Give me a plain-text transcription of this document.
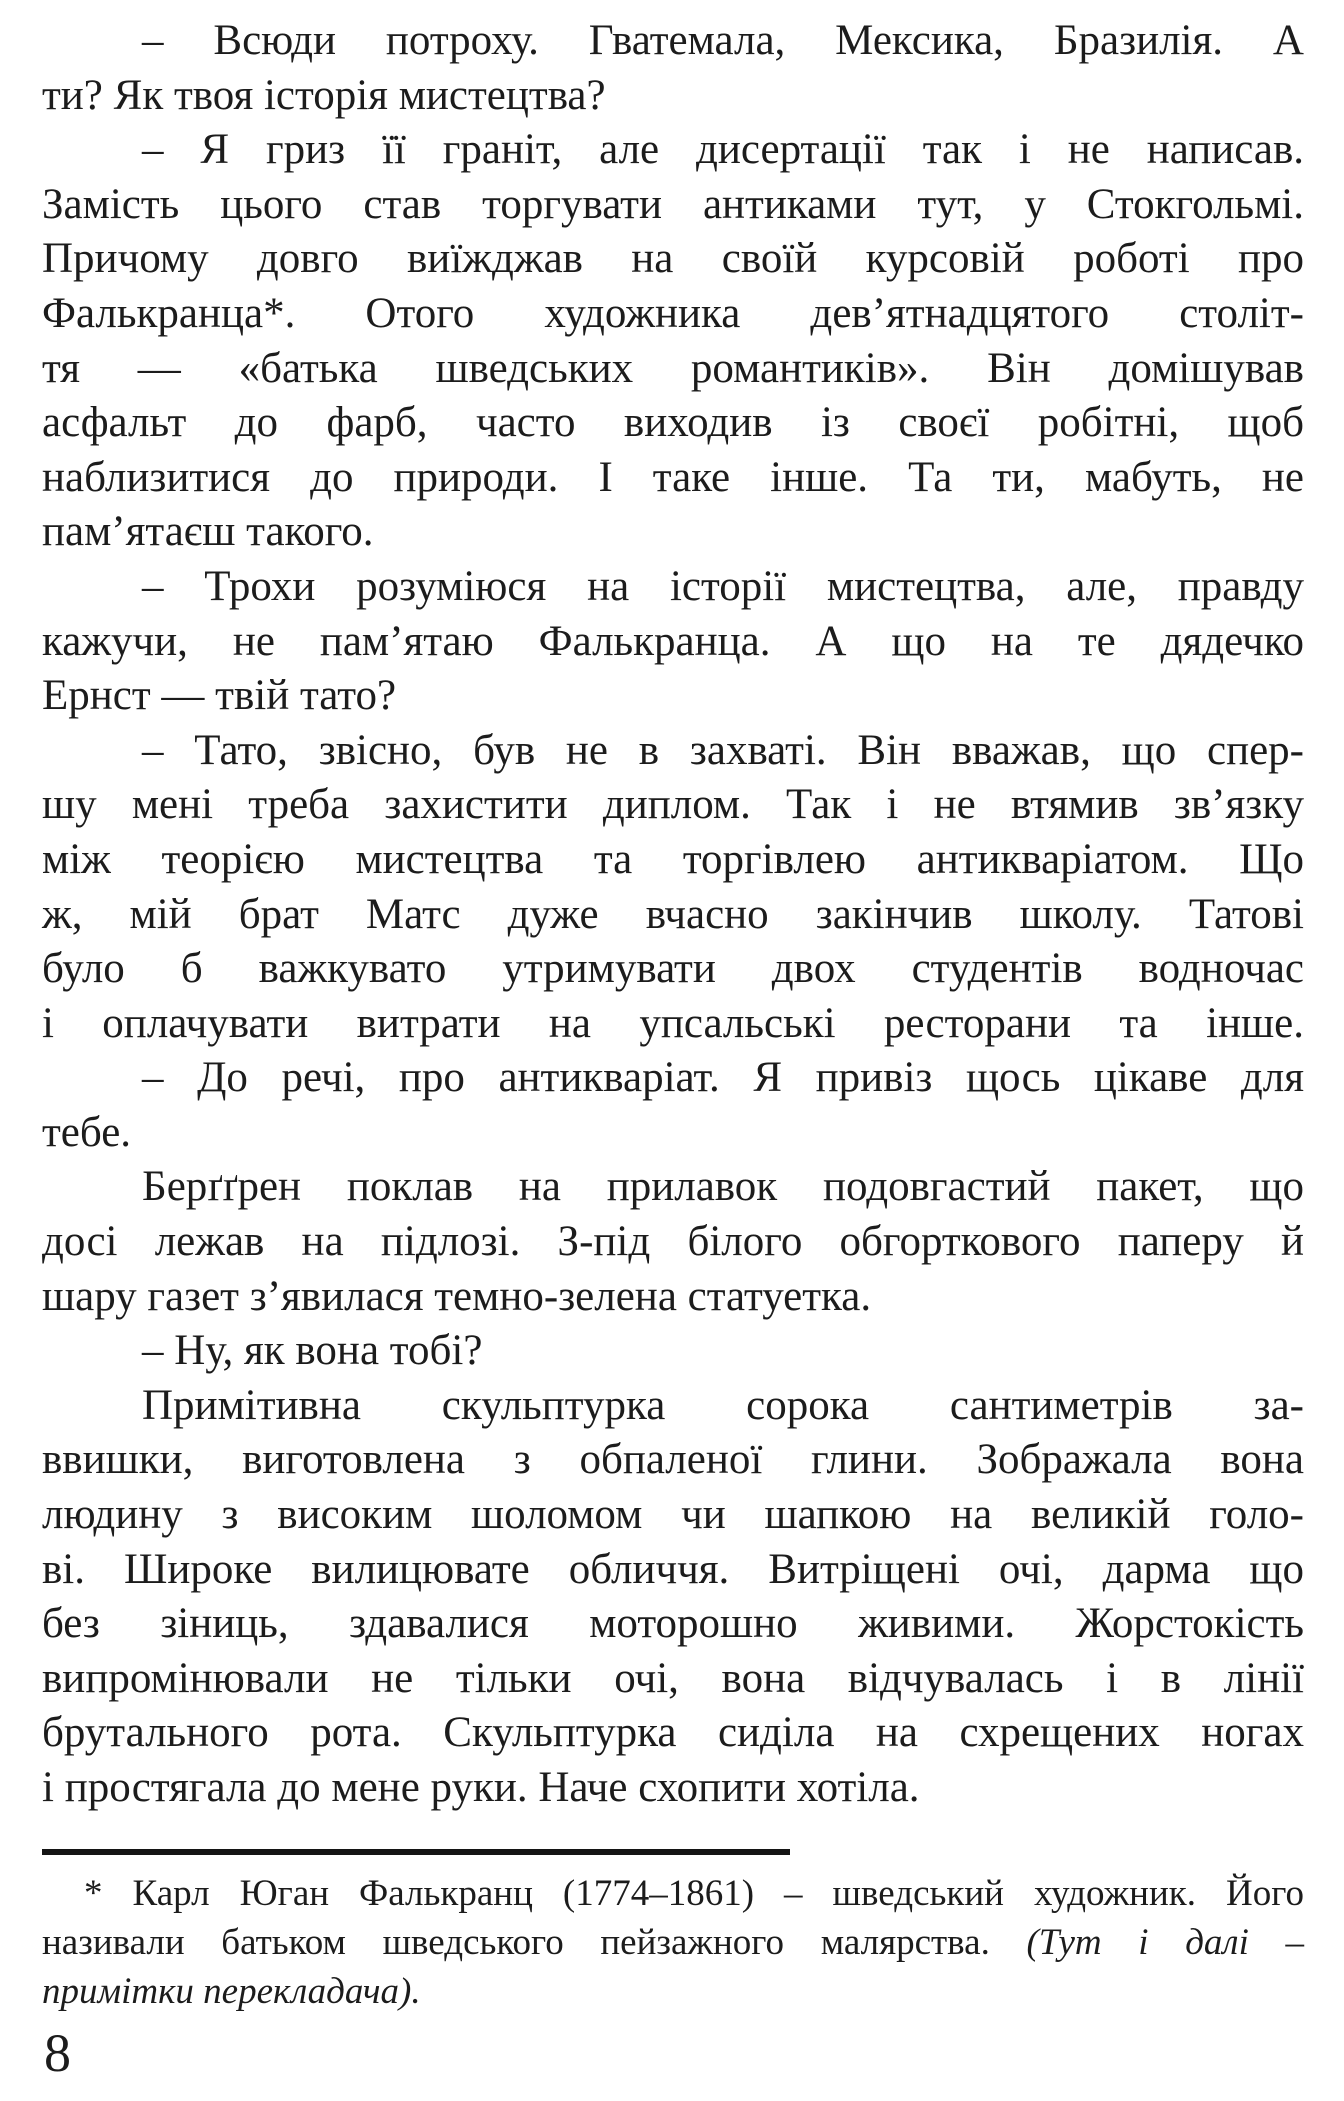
– Всюди потроху. Гватемала, Мексика, Бразилія. А
ти? Як твоя історія мистецтва?
– Я гриз її граніт, але дисертації так і не написав.
Замість цього став торгувати антиками тут, у Стокгольмі.
Причому довго виїжджав на своїй курсовій роботі про
Фалькранца*. Отого художника дев’ятнадцятого століт-
тя — «батька шведських романтиків». Він домішував
асфальт до фарб, часто виходив із своєї робітні, щоб
наблизитися до природи. І таке інше. Та ти, мабуть, не
пам’ятаєш такого.
– Трохи розуміюся на історії мистецтва, але, правду
кажучи, не пам’ятаю Фалькранца. А що на те дядечко
Ернст — твій тато?
– Тато, звісно, був не в захваті. Він вважав, що спер-
шу мені треба захистити диплом. Так і не втямив зв’язку
між теорією мистецтва та торгівлею антикваріатом. Що
ж, мій брат Матс дуже вчасно закінчив школу. Татові
було б важкувато утримувати двох студентів водночас
і оплачувати витрати на упсальські ресторани та інше.
– До речі, про антикваріат. Я привіз щось цікаве для
тебе.
Берґґрен поклав на прилавок подовгастий пакет, що
досі лежав на підлозі. З-під білого обгорткового паперу й
шару газет з’явилася темно-зелена статуетка.
– Ну, як вона тобі?
Примітивна скульптурка сорока сантиметрів за-
ввишки, виготовлена з обпаленої глини. Зображала вона
людину з високим шоломом чи шапкою на великій голо-
ві. Широке вилицювате обличчя. Витріщені очі, дарма що
без зіниць, здавалися моторошно живими. Жорстокість
випромінювали не тільки очі, вона відчувалась і в лінії
брутального рота. Скульптурка сиділа на схрещених ногах
і простягала до мене руки. Наче схопити хотіла.
* Карл Юган Фалькранц (1774–1861) – шведський художник. Його
називали батьком шведського пейзажного малярства. (Тут і далі –
примітки перекладача).
8
